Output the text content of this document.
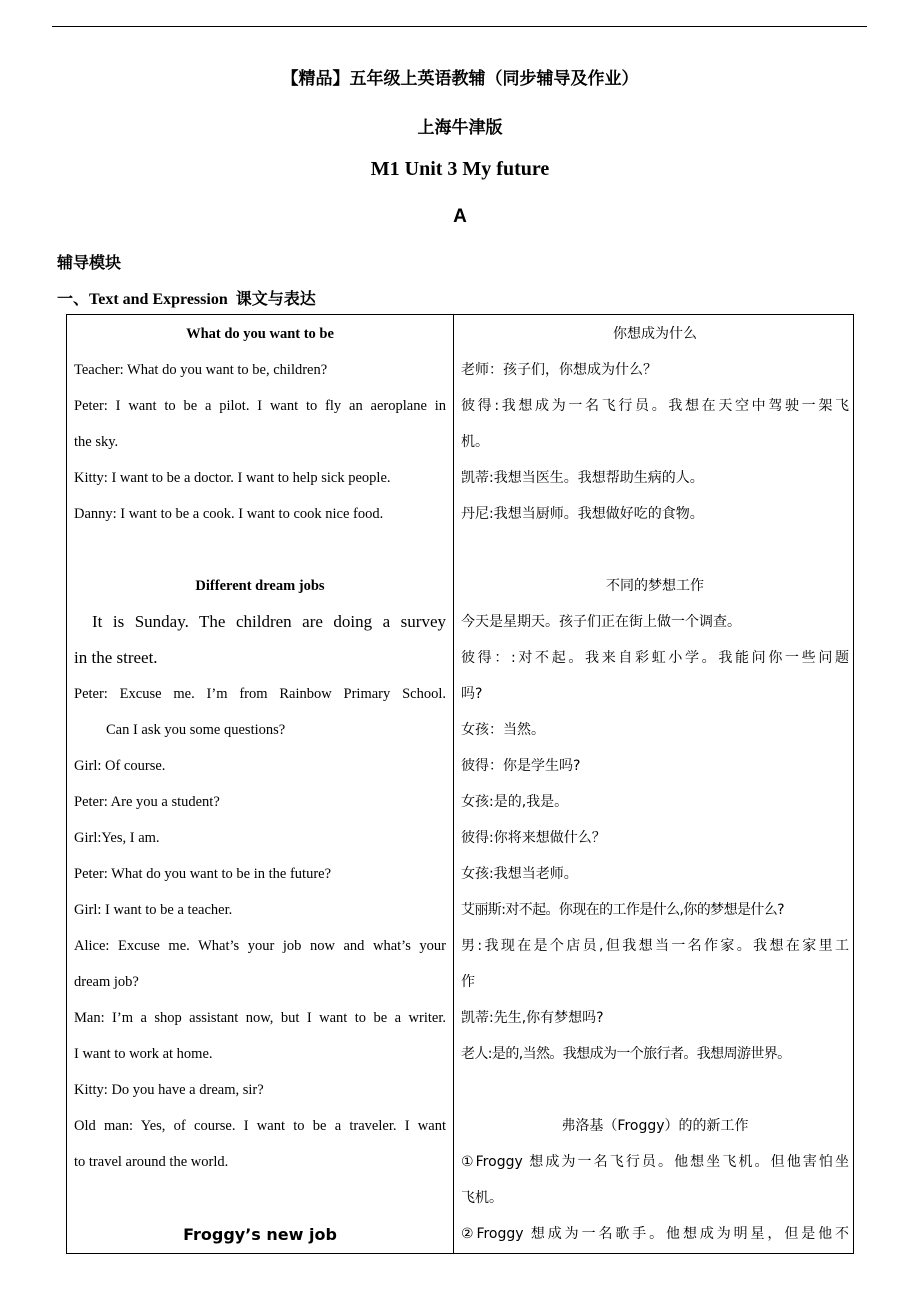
【精品】五年级上英语教辅（同步辅导及作业）
上海牛津版
M1 Unit 3 My future
A
辅导模块
一、Text and Expression 课文与表达
What do you want to be
Teacher: What do you want to be, children?
Peter: I want to be a pilot. I want to fly an aeroplane in
the sky.
Kitty: I want to be a doctor. I want to help sick people.
Danny: I want to be a cook. I want to cook nice food.
Different dream jobs
It is Sunday. The children are doing a survey
in the street.
Peter: Excuse me. I’m from Rainbow Primary School.
Can I ask you some questions?
Girl: Of course.
Peter: Are you a student?
Girl:Yes, I am.
Peter: What do you want to be in the future?
Girl: I want to be a teacher.
Alice: Excuse me. What’s your job now and what’s your
dream job?
Man: I’m a shop assistant now, but I want to be a writer.
I want to work at home.
Kitty: Do you have a dream, sir?
Old man: Yes, of course. I want to be a traveler. I want
to travel around the world.
Froggy’s new job
你想成为什么
老师：孩子们，你想成为什么？
彼得:我想成为一名飞行员。我想在天空中驾驶一架飞
机。
凯蒂:我想当医生。我想帮助生病的人。
丹尼:我想当厨师。我想做好吃的食物。
不同的梦想工作
今天是星期天。孩子们正在街上做一个调查。
彼得：:对不起。我来自彩虹小学。我能问你一些问题
吗?
女孩：当然。
彼得：你是学生吗?
女孩:是的,我是。
彼得:你将来想做什么？
女孩:我想当老师。
艾丽斯:对不起。你现在的工作是什么,你的梦想是什么?
男:我现在是个店员,但我想当一名作家。我想在家里工
作
凯蒂:先生,你有梦想吗?
老人:是的,当然。我想成为一个旅行者。我想周游世界。
弗洛基（Froggy）的的新工作
①Froggy 想成为一名飞行员。他想坐飞机。但他害怕坐
飞机。
②Froggy 想成为一名歌手。他想成为明星，但是他不
